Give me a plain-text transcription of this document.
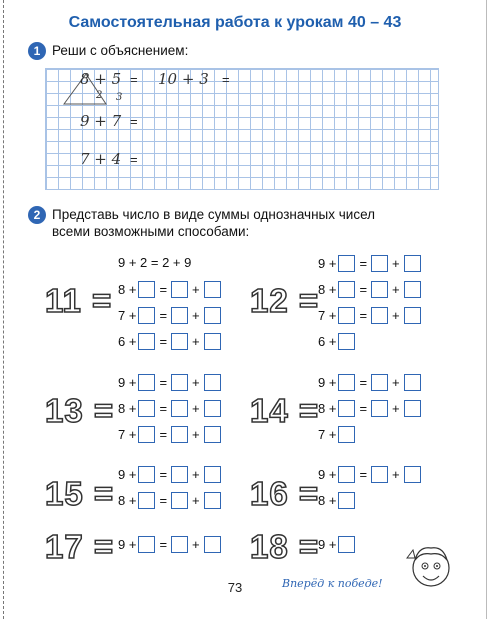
Самостоятельная работа к урокам 40 – 43
1 Реши с объяснением:
8 + 5 = 10 + 3 =
2 3
9 + 7 =
7 + 4 =
2 Представь число в виде суммы однозначных чисел
всеми возможными способами:
11 =
9 + 2 = 2 + 9
8 + = +
7 + = +
6 + = +
12 =
9 + = +
8 + = +
7 + = +
6 +
13 =
9 + = +
8 + = +
7 + = +
14 =
9 + = +
8 + = +
7 +
15 =
9 + = +
8 + = + 16 =
9 + = +
8 +
17 = 9 + = + 18 =
9 +
73	Вперёд к победе!
